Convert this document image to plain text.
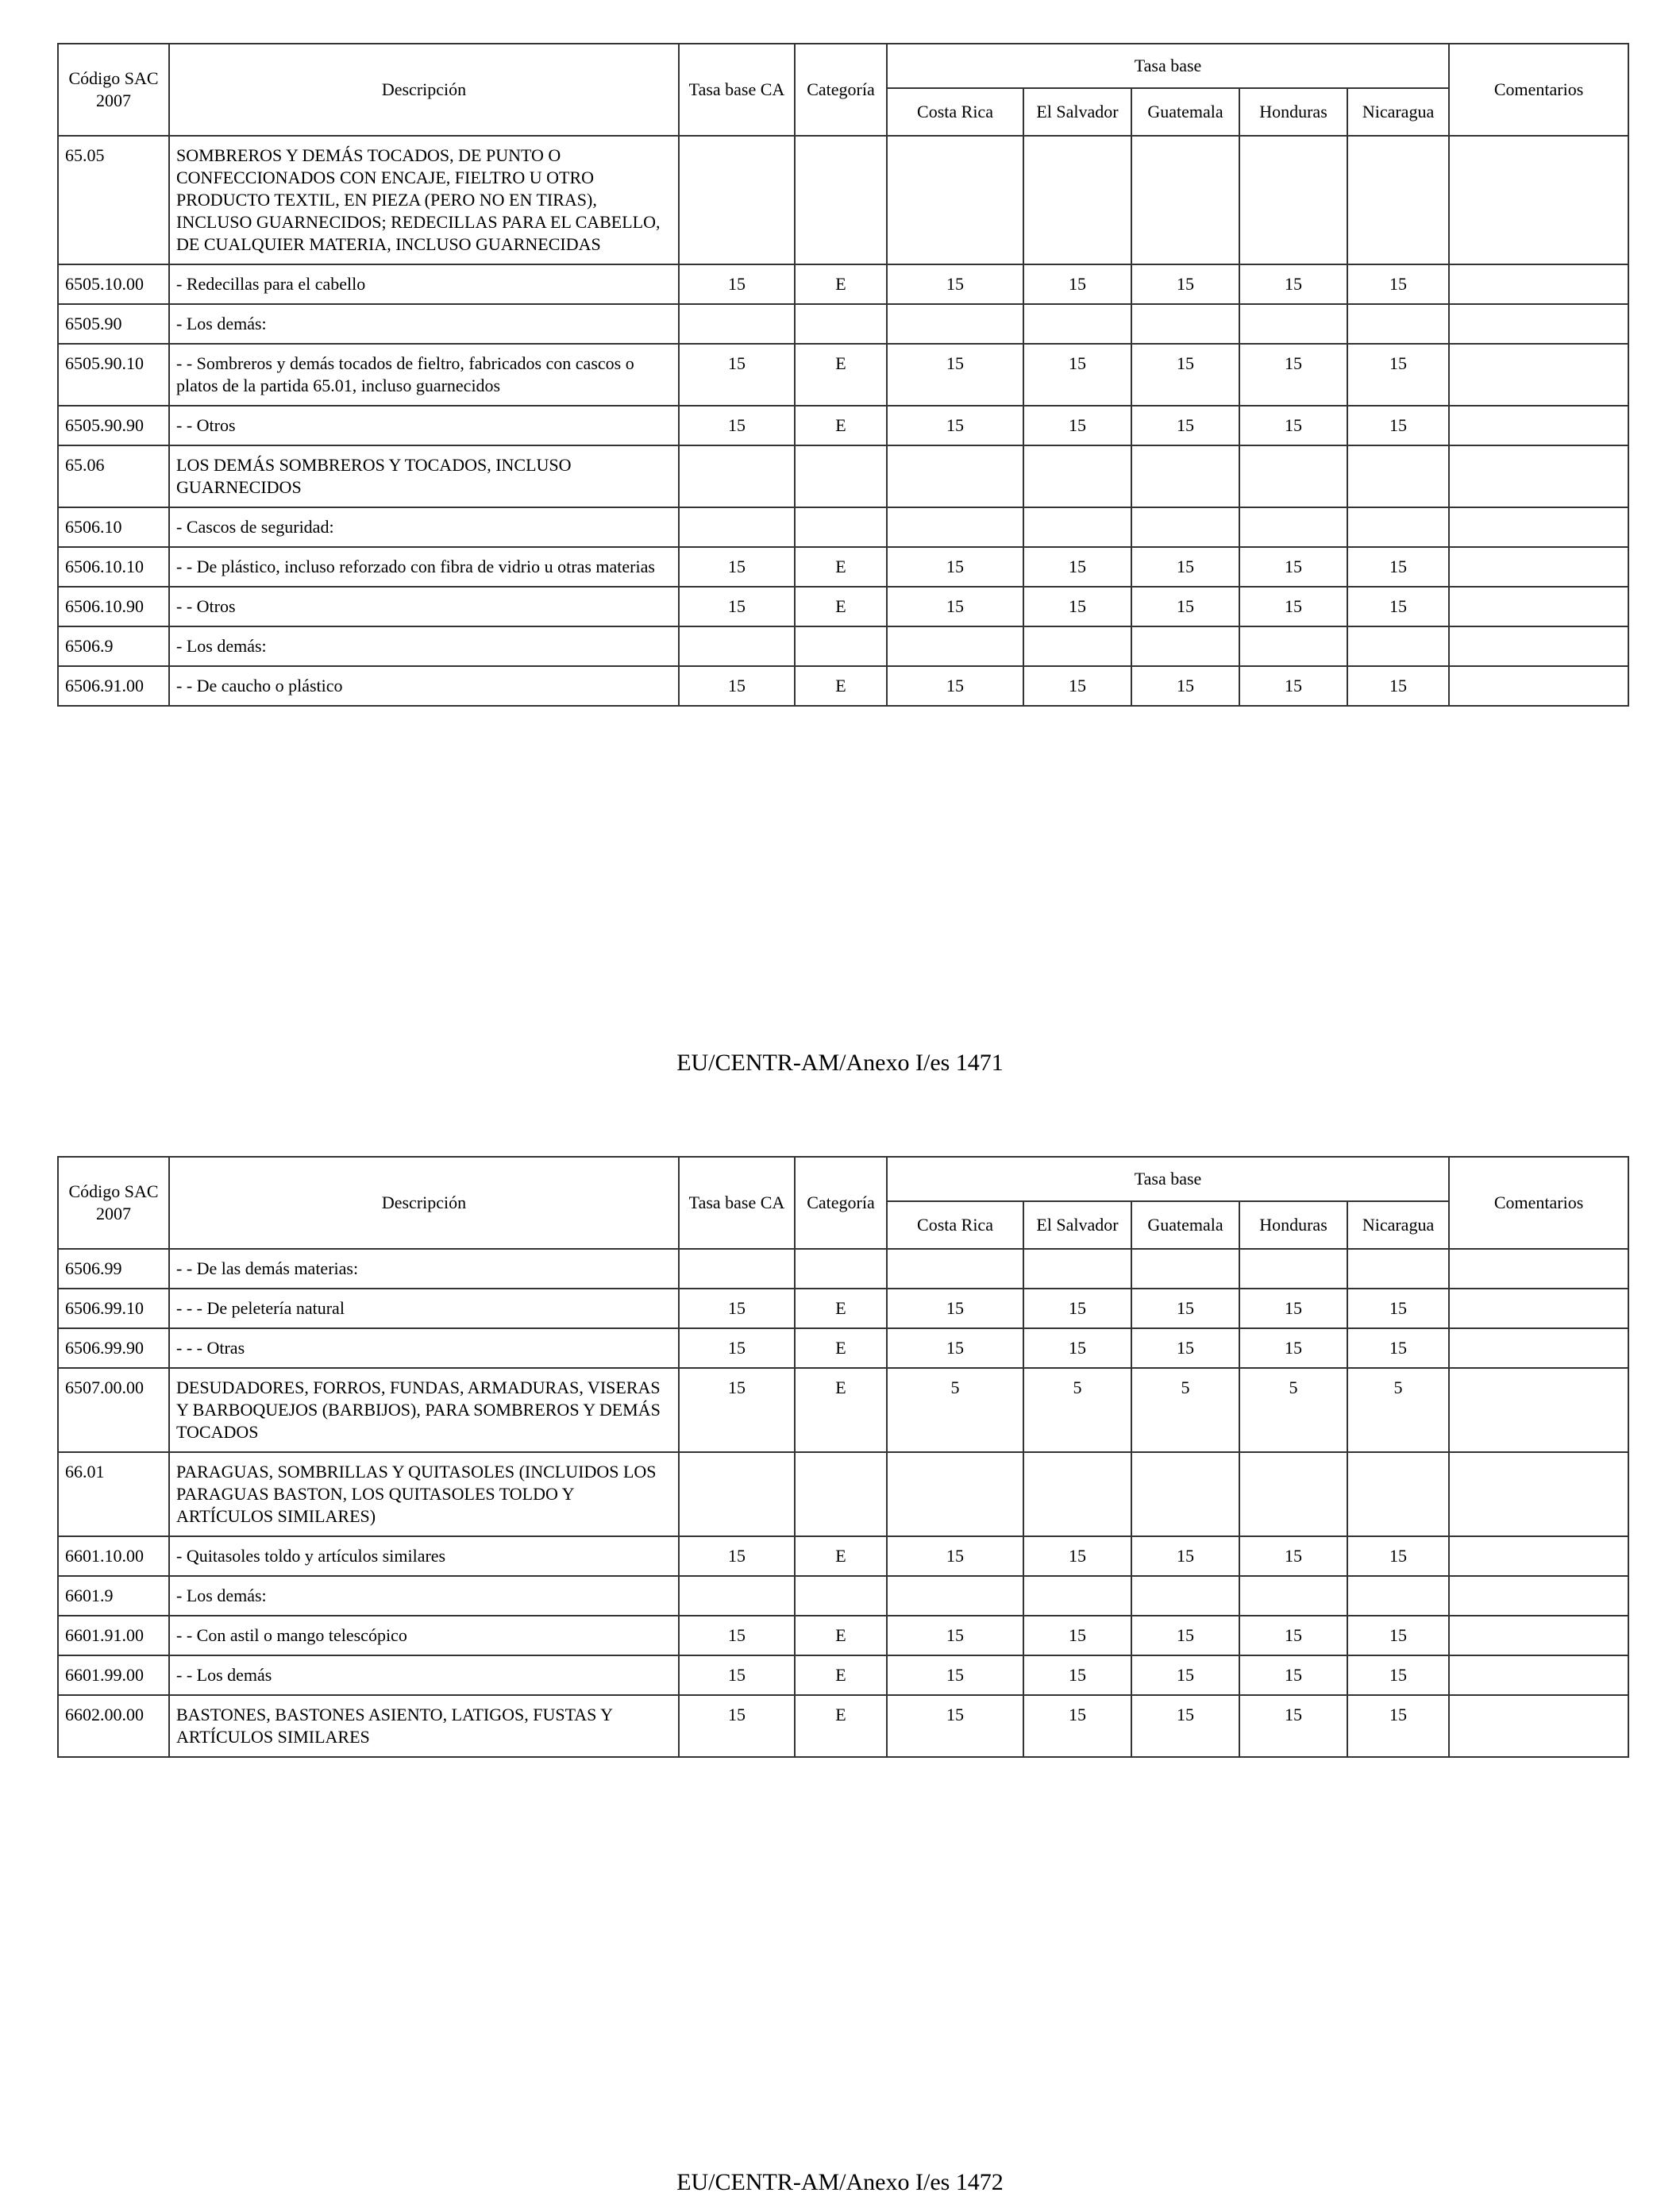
Código SAC 2007	Descripción	Tasa base CA	Categoría	Tasa base					Comentarios
				Costa Rica	El Salvador	Guatemala	Honduras	Nicaragua	
65.05	SOMBREROS Y DEMÁS TOCADOS, DE PUNTO O CONFECCIONADOS CON ENCAJE, FIELTRO U OTRO PRODUCTO TEXTIL, EN PIEZA (PERO NO EN TIRAS), INCLUSO GUARNECIDOS; REDECILLAS PARA EL CABELLO, DE CUALQUIER MATERIA, INCLUSO GUARNECIDAS								
6505.10.00	- Redecillas para el cabello	15	E	15	15	15	15	15	
6505.90	- Los demás:								
6505.90.10	- - Sombreros y demás tocados de fieltro, fabricados con cascos o platos de la partida 65.01, incluso guarnecidos	15	E	15	15	15	15	15	
6505.90.90	- - Otros	15	E	15	15	15	15	15	
65.06	LOS DEMÁS SOMBREROS Y TOCADOS, INCLUSO GUARNECIDOS								
6506.10	- Cascos de seguridad:								
6506.10.10	- - De plástico, incluso reforzado con fibra de vidrio u otras materias	15	E	15	15	15	15	15	
6506.10.90	- - Otros	15	E	15	15	15	15	15	
6506.9	- Los demás:								
6506.91.00	- - De caucho o plástico	15	E	15	15	15	15	15	
EU/CENTR-AM/Anexo I/es 1471
Código SAC 2007	Descripción	Tasa base CA	Categoría	Tasa base					Comentarios
				Costa Rica	El Salvador	Guatemala	Honduras	Nicaragua	
6506.99	- - De las demás materias:								
6506.99.10	- - - De peletería natural	15	E	15	15	15	15	15	
6506.99.90	- - - Otras	15	E	15	15	15	15	15	
6507.00.00	DESUDADORES, FORROS, FUNDAS, ARMADURAS, VISERAS Y BARBOQUEJOS (BARBIJOS), PARA SOMBREROS Y DEMÁS TOCADOS	15	E	5	5	5	5	5	
66.01	PARAGUAS, SOMBRILLAS Y QUITASOLES (INCLUIDOS LOS PARAGUAS BASTON, LOS QUITASOLES TOLDO Y ARTÍCULOS SIMILARES)								
6601.10.00	- Quitasoles toldo y artículos similares	15	E	15	15	15	15	15	
6601.9	- Los demás:								
6601.91.00	- - Con astil o mango telescópico	15	E	15	15	15	15	15	
6601.99.00	- - Los demás	15	E	15	15	15	15	15	
6602.00.00	BASTONES, BASTONES ASIENTO, LATIGOS, FUSTAS Y ARTÍCULOS SIMILARES	15	E	15	15	15	15	15	
EU/CENTR-AM/Anexo I/es 1472
